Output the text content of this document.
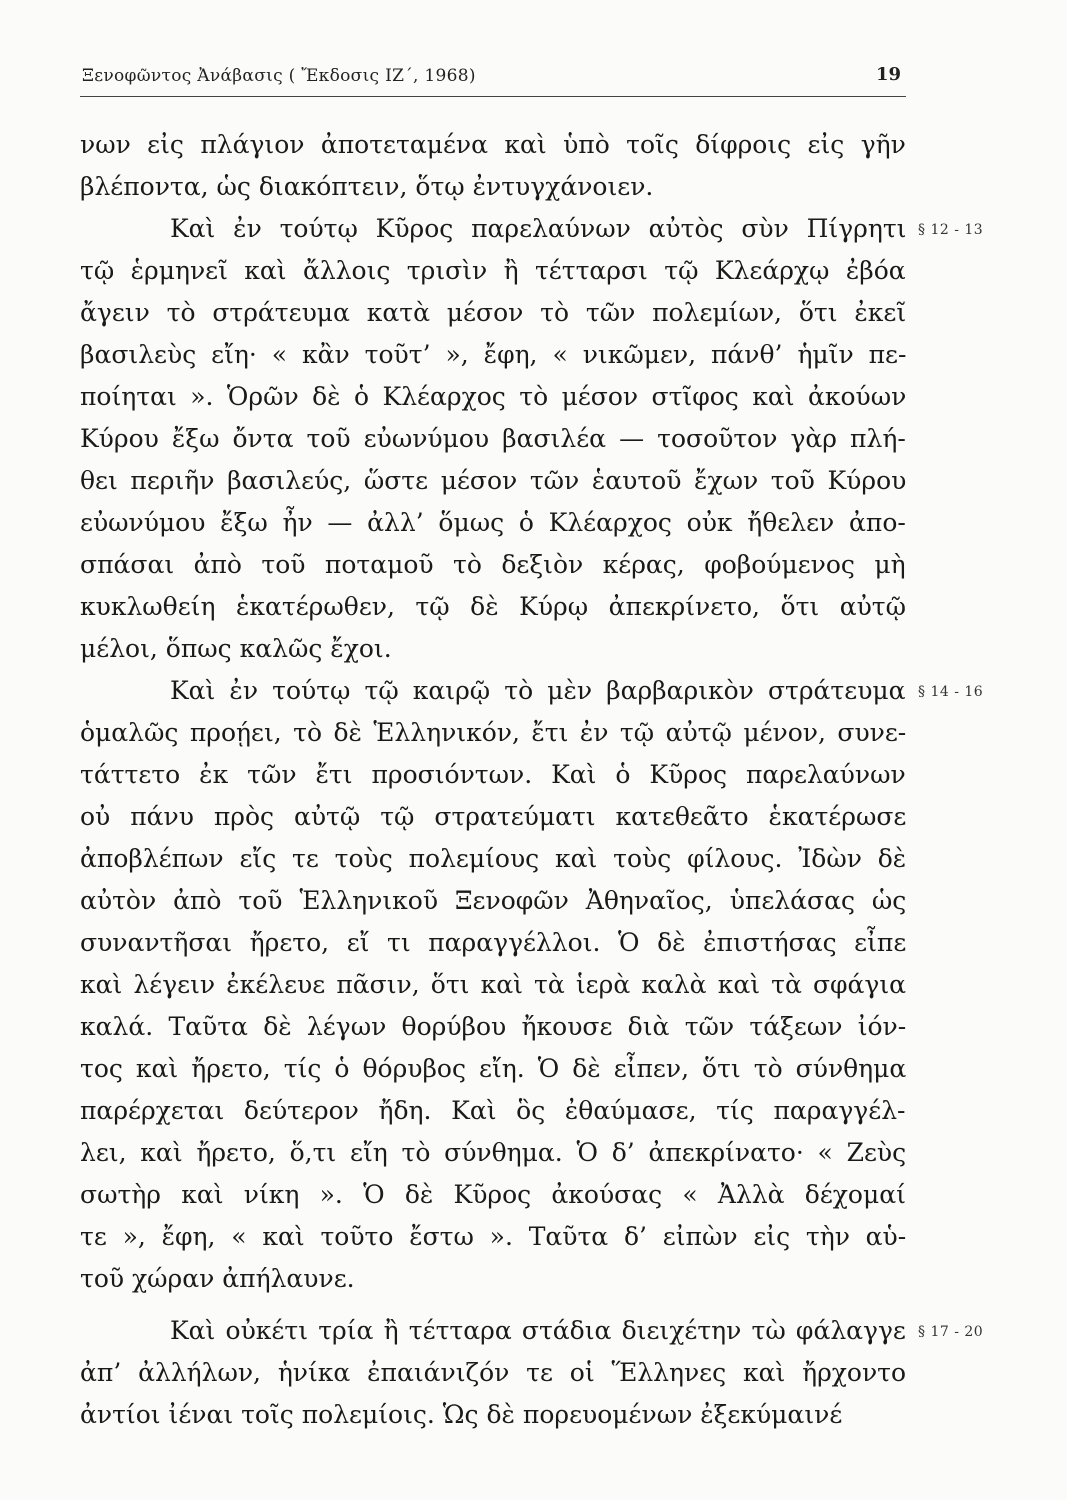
Ξενοφῶντος Ἀνάβασις ( Ἔκδοσις ΙΖ΄, 1968)	19
νων εἰς πλάγιον ἀποτεταμένα καὶ ὑπὸ τοῖς δίφροις εἰς γῆν
βλέποντα, ὡς διακόπτειν, ὅτῳ ἐντυγχάνοιεν.
Καὶ ἐν τούτῳ Κῦρος παρελαύνων αὐτὸς σὺν Πίγρητι
τῷ ἑρμηνεῖ καὶ ἄλλοις τρισὶν ἢ τέτταρσι τῷ Κλεάρχῳ ἐβόα
ἄγειν τὸ στράτευμα κατὰ μέσον τὸ τῶν πολεμίων, ὅτι ἐκεῖ
βασιλεὺς εἴη· « κἂν τοῦτ’ », ἔφη, « νικῶμεν, πάνθ’ ἡμῖν πε-
ποίηται ». Ὁρῶν δὲ ὁ Κλέαρχος τὸ μέσον στῖφος καὶ ἀκούων
Κύρου ἔξω ὄντα τοῦ εὐωνύμου βασιλέα — τοσοῦτον γὰρ πλή-
θει περιῆν βασιλεύς, ὥστε μέσον τῶν ἑαυτοῦ ἔχων τοῦ Κύρου
εὐωνύμου ἔξω ἦν — ἀλλ’ ὅμως ὁ Κλέαρχος οὐκ ἤθελεν ἀπο-
σπάσαι ἀπὸ τοῦ ποταμοῦ τὸ δεξιὸν κέρας, φοβούμενος μὴ
κυκλωθείη ἑκατέρωθεν, τῷ δὲ Κύρῳ ἀπεκρίνετο, ὅτι αὐτῷ
μέλοι, ὅπως καλῶς ἔχοι.
Καὶ ἐν τούτῳ τῷ καιρῷ τὸ μὲν βαρβαρικὸν στράτευμα
ὁμαλῶς προῄει, τὸ δὲ Ἑλληνικόν, ἔτι ἐν τῷ αὐτῷ μένον, συνε-
τάττετο ἐκ τῶν ἔτι προσιόντων. Καὶ ὁ Κῦρος παρελαύνων
οὐ πάνυ πρὸς αὐτῷ τῷ στρατεύματι κατεθεᾶτο ἑκατέρωσε
ἀποβλέπων εἴς τε τοὺς πολεμίους καὶ τοὺς φίλους. Ἰδὼν δὲ
αὐτὸν ἀπὸ τοῦ Ἑλληνικοῦ Ξενοφῶν Ἀθηναῖος, ὑπελάσας ὡς
συναντῆσαι ἤρετο, εἴ τι παραγγέλλοι. Ὁ δὲ ἐπιστήσας εἶπε
καὶ λέγειν ἐκέλευε πᾶσιν, ὅτι καὶ τὰ ἱερὰ καλὰ καὶ τὰ σφάγια
καλά. Ταῦτα δὲ λέγων θορύβου ἤκουσε διὰ τῶν τάξεων ἰόν-
τος καὶ ἤρετο, τίς ὁ θόρυβος εἴη. Ὁ δὲ εἶπεν, ὅτι τὸ σύνθημα
παρέρχεται δεύτερον ἤδη. Καὶ ὃς ἐθαύμασε, τίς παραγγέλ-
λει, καὶ ἤρετο, ὅ,τι εἴη τὸ σύνθημα. Ὁ δ’ ἀπεκρίνατο· « Ζεὺς
σωτὴρ καὶ νίκη ». Ὁ δὲ Κῦρος ἀκούσας « Ἀλλὰ δέχομαί
τε », ἔφη, « καὶ τοῦτο ἔστω ». Ταῦτα δ’ εἰπὼν εἰς τὴν αὑ-
τοῦ χώραν ἀπήλαυνε.
Καὶ οὐκέτι τρία ἢ τέτταρα στάδια διειχέτην τὼ φάλαγγε
ἀπ’ ἀλλήλων, ἡνίκα ἐπαιάνιζόν τε οἱ Ἕλληνες καὶ ἤρχοντο
ἀντίοι ἰέναι τοῖς πολεμίοις. Ὡς δὲ πορευομένων ἐξεκύμαινέ
§ 12 - 13
§ 14 - 16
§ 17 - 20
